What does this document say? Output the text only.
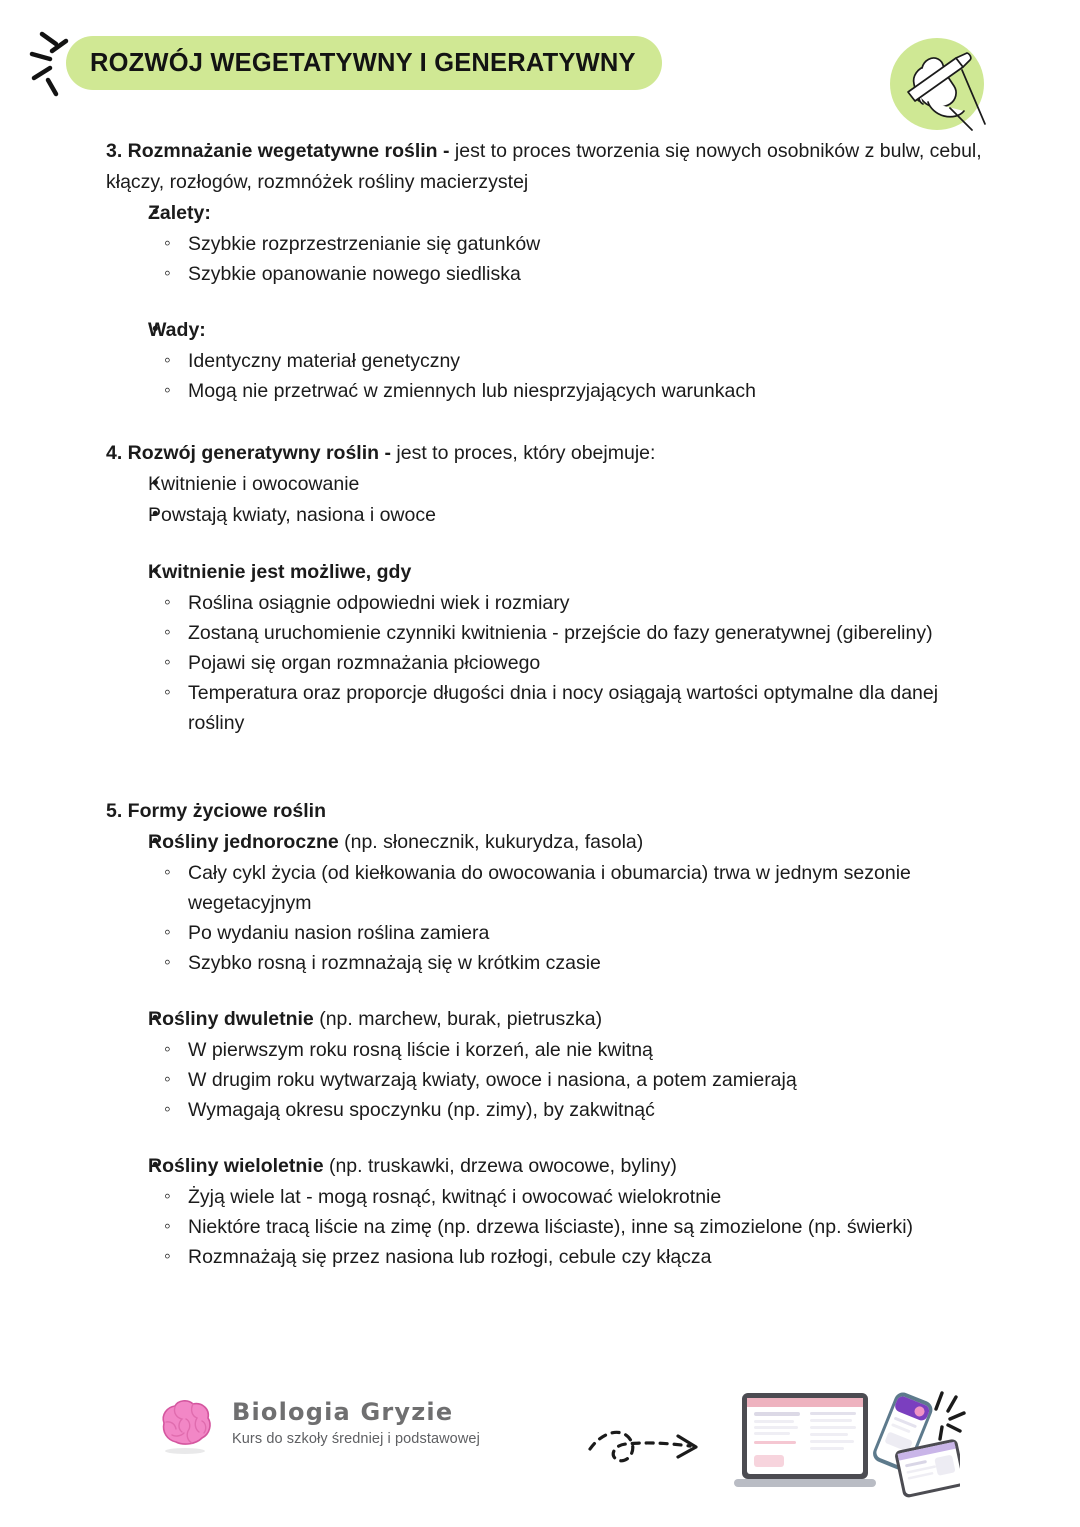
ROZWÓJ WEGETATYWNY I GENERATYWNY

3. Rozmnażanie wegetatywne roślin - jest to proces tworzenia się nowych osobników z bulw, cebul, kłączy, rozłogów, rozmnóżek rośliny macierzystej

• Zalety:
◦ Szybkie rozprzestrzenianie się gatunków
◦ Szybkie opanowanie nowego siedliska
• Wady:
◦ Identyczny materiał genetyczny
◦ Mogą nie przetrwać w zmiennych lub niesprzyjających warunkach

4. Rozwój generatywny roślin - jest to proces, który obejmuje:

• Kwitnienie i owocowanie
• Powstają kwiaty, nasiona i owoce
• Kwitnienie jest możliwe, gdy
◦ Roślina osiągnie odpowiedni wiek i rozmiary
◦ Zostaną uruchomienie czynniki kwitnienia - przejście do fazy generatywnej (gibereliny)
◦ Pojawi się organ rozmnażania płciowego
◦ Temperatura oraz proporcje długości dnia i nocy osiągają wartości optymalne dla danej rośliny

5. Formy życiowe roślin

• Rośliny jednoroczne (np. słonecznik, kukurydza, fasola)
◦ Cały cykl życia (od kiełkowania do owocowania i obumarcia) trwa w jednym sezonie wegetacyjnym
◦ Po wydaniu nasion roślina zamiera
◦ Szybko rosną i rozmnażają się w krótkim czasie
• Rośliny dwuletnie (np. marchew, burak, pietruszka)
◦ W pierwszym roku rosną liście i korzeń, ale nie kwitną
◦ W drugim roku wytwarzają kwiaty, owoce i nasiona, a potem zamierają
◦ Wymagają okresu spoczynku (np. zimy), by zakwitnąć
• Rośliny wieloletnie (np. truskawki, drzewa owocowe, byliny)
◦ Żyją wiele lat - mogą rosnąć, kwitnąć i owocować wielokrotnie
◦ Niektóre tracą liście na zimę (np. drzewa liściaste), inne są zimozielone (np. świerki)
◦ Rozmnażają się przez nasiona lub rozłogi, cebule czy kłącza
Biologia Gryzie
Kurs do szkoły średniej i podstawowej
